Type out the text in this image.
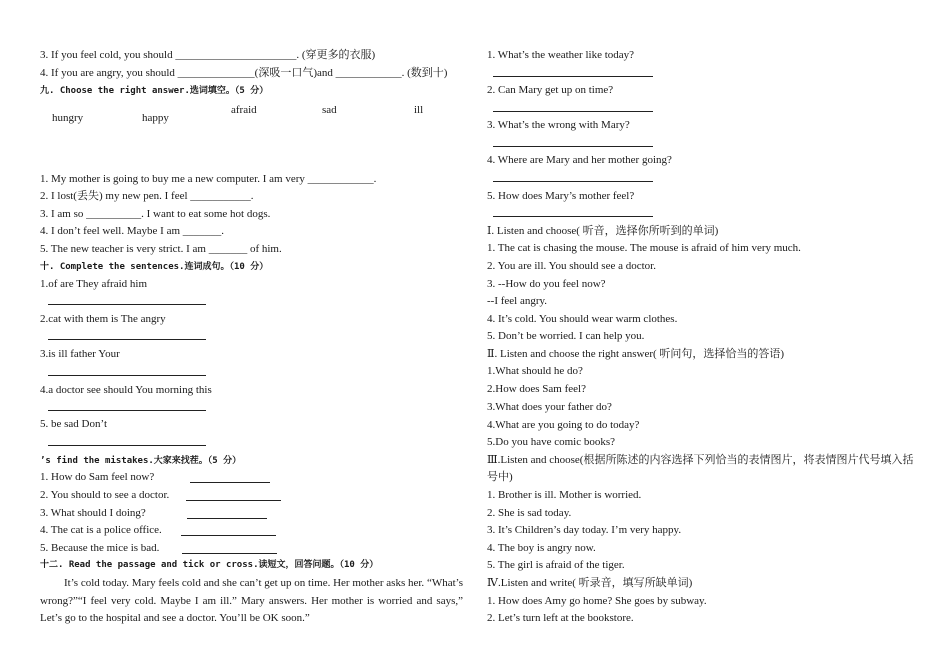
3. If you feel cold, you should ______________________. (穿更多的衣服)
4. If you are angry, you should ______________(深吸一口气)and ____________. (数到十)
九. Choose the right answer.选词填空。（5 分）
afraid	sad	ill
hungry	happy
1. My mother is going to buy me a new computer. I am very ____________.
2. I lost(丢失) my new pen. I feel ___________.
3. I am so __________. I want to eat some hot dogs.
4. I don’t feel well. Maybe I am _______.
5. The new teacher is very strict. I am _______ of him.
十. Complete the sentences.连词成句。（10 分）
1.of are They afraid him
2.cat with them is The angry
3.is ill father Your
4.a doctor see should You morning this
5. be sad Don’t
’s find the mistakes.大家来找茬。（5 分）
1. How do Sam feel now?
2. You should to see a doctor.
3. What should I doing?
4. The cat is a police office.
5. Because the mice is bad.
十二. Read the passage and tick or cross.读短文，回答问题。（10 分）
It’s cold today. Mary feels cold and she can’t get up on time. Her mother asks her. “What’s wrong?”“I feel very cold. Maybe I am ill.” Mary answers. Her mother is worried and says,” Let’s go to the hospital and see a doctor. You’ll be OK soon.”
1. What’s the weather like today?
2. Can Mary get up on time?
3. What’s the wrong with Mary?
4. Where are Mary and her mother going?
5. How does Mary’s mother feel?
Ⅰ. Listen and choose( 听音，选择你所听到的单词)
1. The cat is chasing the mouse. The mouse is afraid of him very much.
2. You are ill. You should see a doctor.
3. --How do you feel now?
--I feel angry.
4. It’s cold. You should wear warm clothes.
5. Don’t be worried. I can help you.
Ⅱ. Listen and choose the right answer( 听问句，选择恰当的答语)
1.What should he do?
2.How does Sam feel?
3.What does your father do?
4.What are you going to do today?
5.Do you have comic books?
Ⅲ.Listen and choose(根据所陈述的内容选择下列恰当的表情图片，将表情图片代号填入括号中)
1. Brother is ill. Mother is worried.
2. She is sad today.
3. It’s Children’s day today. I’m very happy.
4. The boy is angry now.
5. The girl is afraid of the tiger.
Ⅳ.Listen and write( 听录音，填写所缺单词)
1. How does Amy go home? She goes by subway.
2. Let’s turn left at the bookstore.
